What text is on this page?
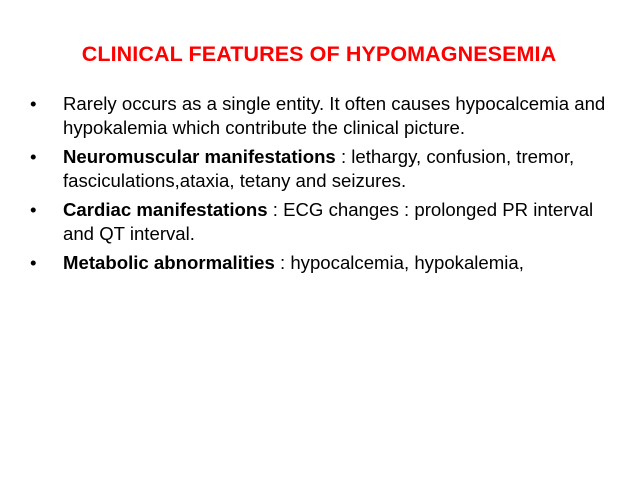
CLINICAL FEATURES OF HYPOMAGNESEMIA
•	Rarely occurs as a single entity. It often causes hypocalcemia and hypokalemia which contribute the clinical picture.
•	Neuromuscular manifestations : lethargy, confusion, tremor, fasciculations,ataxia, tetany and seizures.
•	Cardiac manifestations : ECG changes : prolonged PR interval and QT interval.
•	Metabolic abnormalities : hypocalcemia, hypokalemia,
